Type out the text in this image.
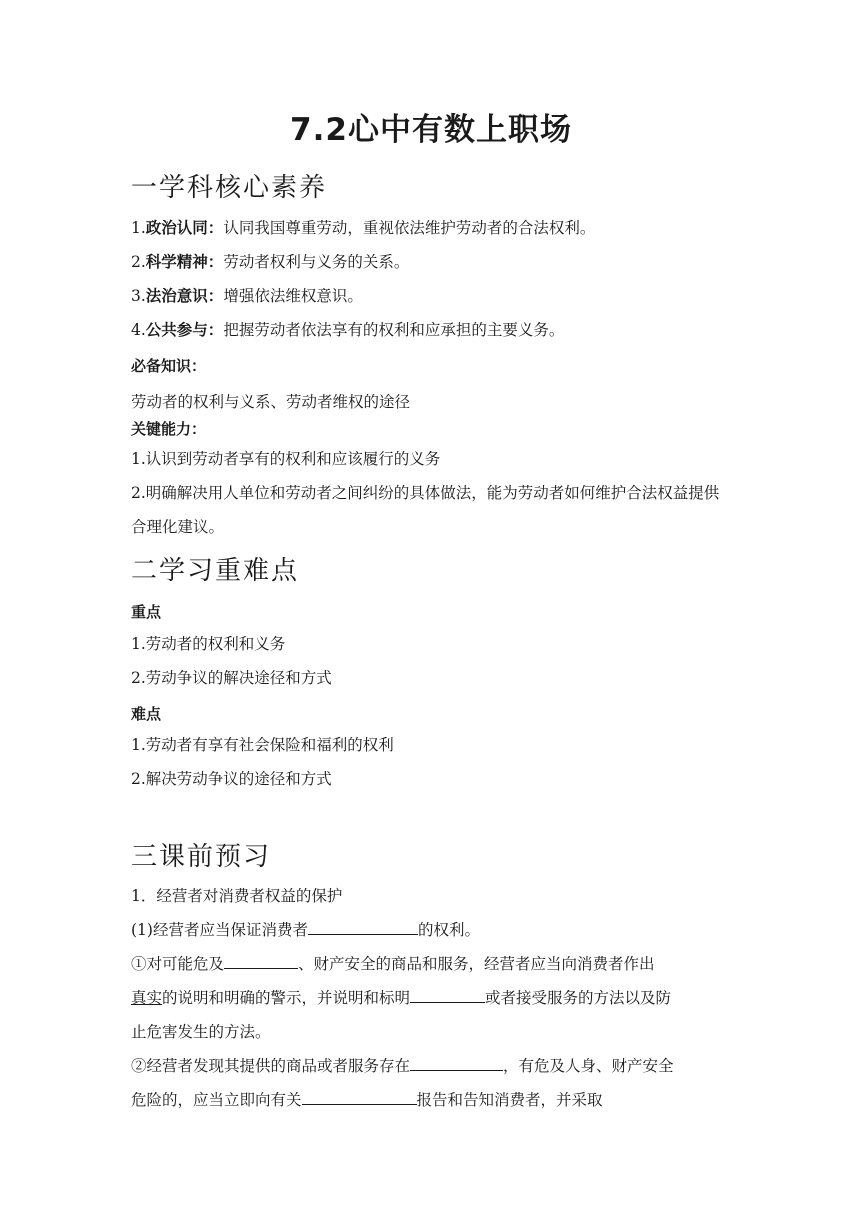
7.2心中有数上职场
一学科核心素养
1.政治认同：认同我国尊重劳动，重视依法维护劳动者的合法权利。
2.科学精神：劳动者权利与义务的关系。
3.法治意识：增强依法维权意识。
4.公共参与：把握劳动者依法享有的权利和应承担的主要义务。
必备知识：
劳动者的权利与义系、劳动者维权的途径
关键能力：
1.认识到劳动者享有的权利和应该履行的义务
2.明确解决用人单位和劳动者之间纠纷的具体做法，能为劳动者如何维护合法权益提供合理化建议。
二学习重难点
重点
1.劳动者的权利和义务
2.劳动争议的解决途径和方式
难点
1.劳动者有享有社会保险和福利的权利
2.解决劳动争议的途径和方式
三课前预习
1．经营者对消费者权益的保护
(1)经营者应当保证消费者	的权利。
①对可能危及	、财产安全的商品和服务，经营者应当向消费者作出
真实的说明和明确的警示，并说明和标明	或者接受服务的方法以及防
止危害发生的方法。
②经营者发现其提供的商品或者服务存在	，有危及人身、财产安全
危险的，应当立即向有关	报告和告知消费者，并采取
